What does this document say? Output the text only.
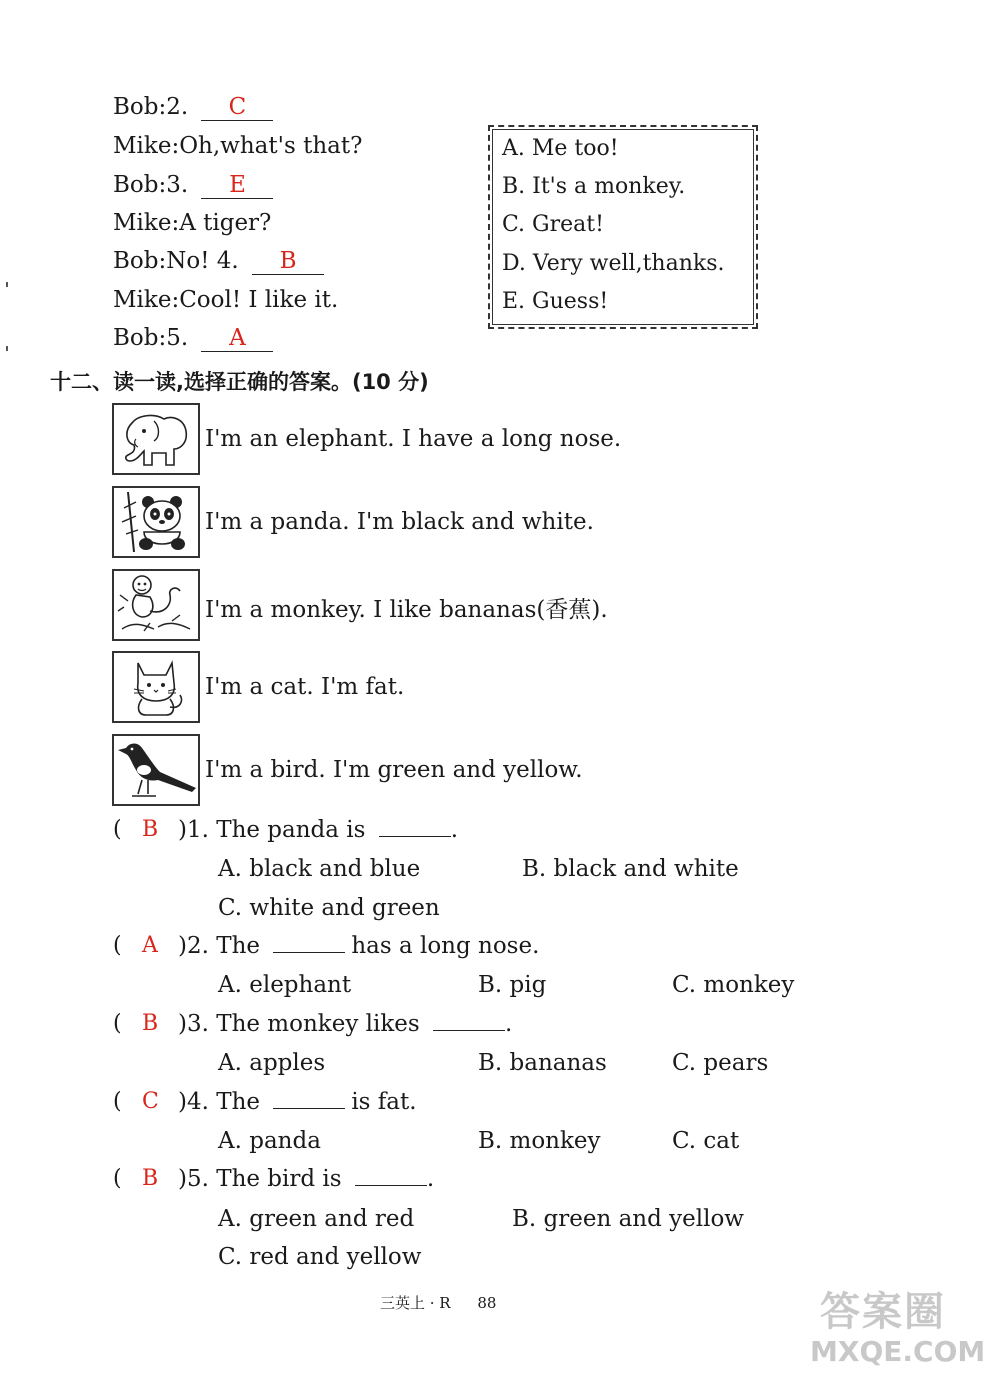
Bob:2. C
Mike:Oh,what's that?
Bob:3. E
Mike:A tiger?
Bob:No! 4. B
Mike:Cool! I like it.
Bob:5. A
A. Me too!
B. It's a monkey.
C. Great!
D. Very well,thanks.
E. Guess!
十二、读一读,选择正确的答案。(10 分)
I'm an elephant. I have a long nose.
I'm a panda. I'm black and white.
I'm a monkey. I like bananas(香蕉).
I'm a cat. I'm fat.
I'm a bird. I'm green and yellow.
( B )1. The panda is	.
A. black and blue	B. black and white
C. white and green
( A )2. The	has a long nose.
A. elephant	B. pig	C. monkey
( B )3. The monkey likes	.
A. apples	B. bananas	C. pears
( C )4. The	is fat.
A. panda	B. monkey	C. cat
( B )5. The bird is	.
A. green and red	B. green and yellow
C. red and yellow
三英上 · R 88	答案圈
MXQE.COM
